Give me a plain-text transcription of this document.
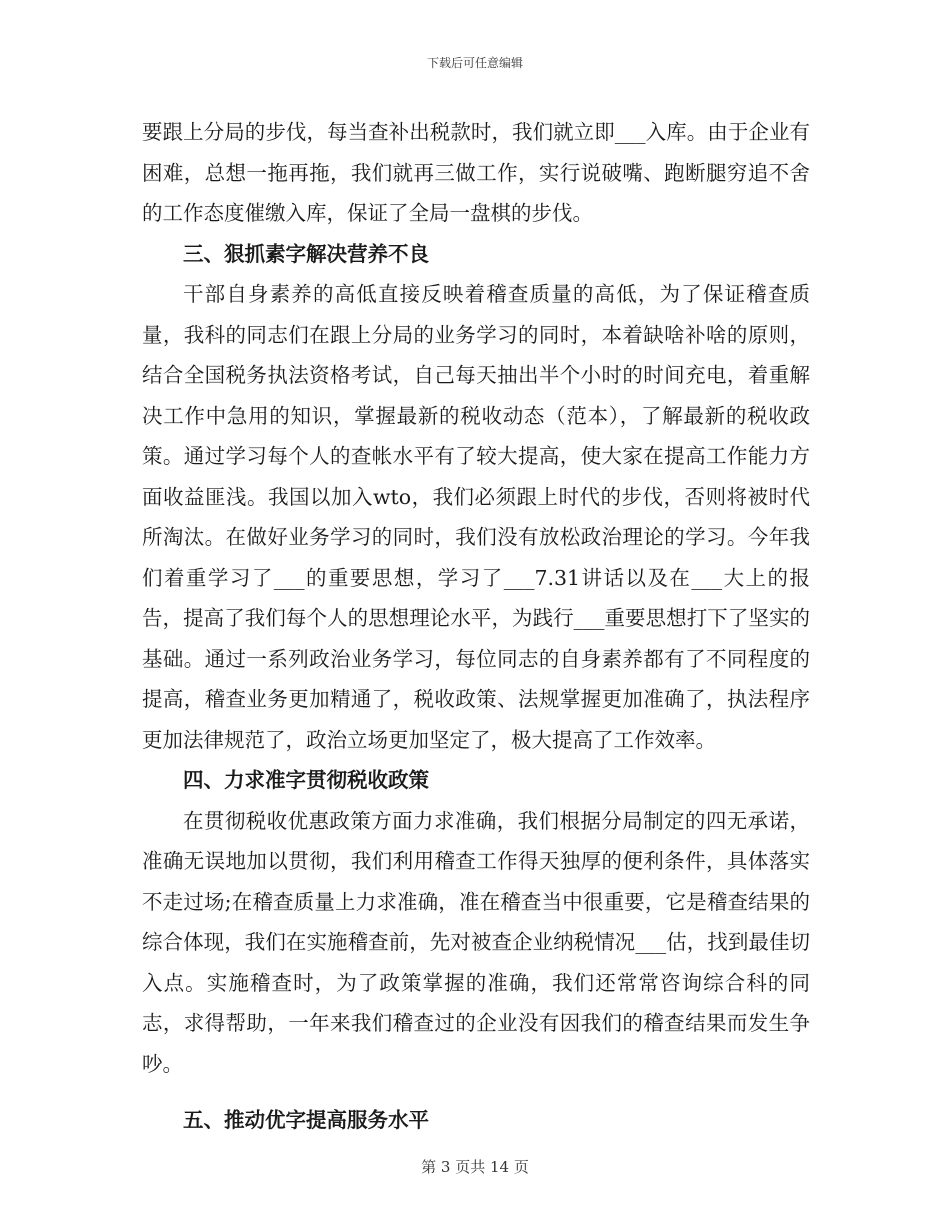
下载后可任意编辑

要跟上分局的步伐，每当查补出税款时，我们就立即___入库。由于企业有困难，总想一拖再拖，我们就再三做工作，实行说破嘴、跑断腿穷追不舍的工作态度催缴入库，保证了全局一盘棋的步伐。

三、狠抓素字解决营养不良

干部自身素养的高低直接反映着稽查质量的高低，为了保证稽查质量，我科的同志们在跟上分局的业务学习的同时，本着缺啥补啥的原则，结合全国税务执法资格考试，自己每天抽出半个小时的时间充电，着重解决工作中急用的知识，掌握最新的税收动态（范本），了解最新的税收政策。通过学习每个人的查帐水平有了较大提高，使大家在提高工作能力方面收益匪浅。我国以加入wto，我们必须跟上时代的步伐，否则将被时代所淘汰。在做好业务学习的同时，我们没有放松政治理论的学习。今年我们着重学习了___的重要思想，学习了___7.31讲话以及在___大上的报告，提高了我们每个人的思想理论水平，为践行___重要思想打下了坚实的基础。通过一系列政治业务学习，每位同志的自身素养都有了不同程度的提高，稽查业务更加精通了，税收政策、法规掌握更加准确了，执法程序更加法律规范了，政治立场更加坚定了，极大提高了工作效率。

四、力求准字贯彻税收政策

在贯彻税收优惠政策方面力求准确，我们根据分局制定的四无承诺，准确无误地加以贯彻，我们利用稽查工作得天独厚的便利条件，具体落实不走过场;在稽查质量上力求准确，准在稽查当中很重要，它是稽查结果的综合体现，我们在实施稽查前，先对被查企业纳税情况___估，找到最佳切入点。实施稽查时，为了政策掌握的准确，我们还常常咨询综合科的同志，求得帮助，一年来我们稽查过的企业没有因我们的稽查结果而发生争吵。

五、推动优字提高服务水平

第 3 页共 14 页
